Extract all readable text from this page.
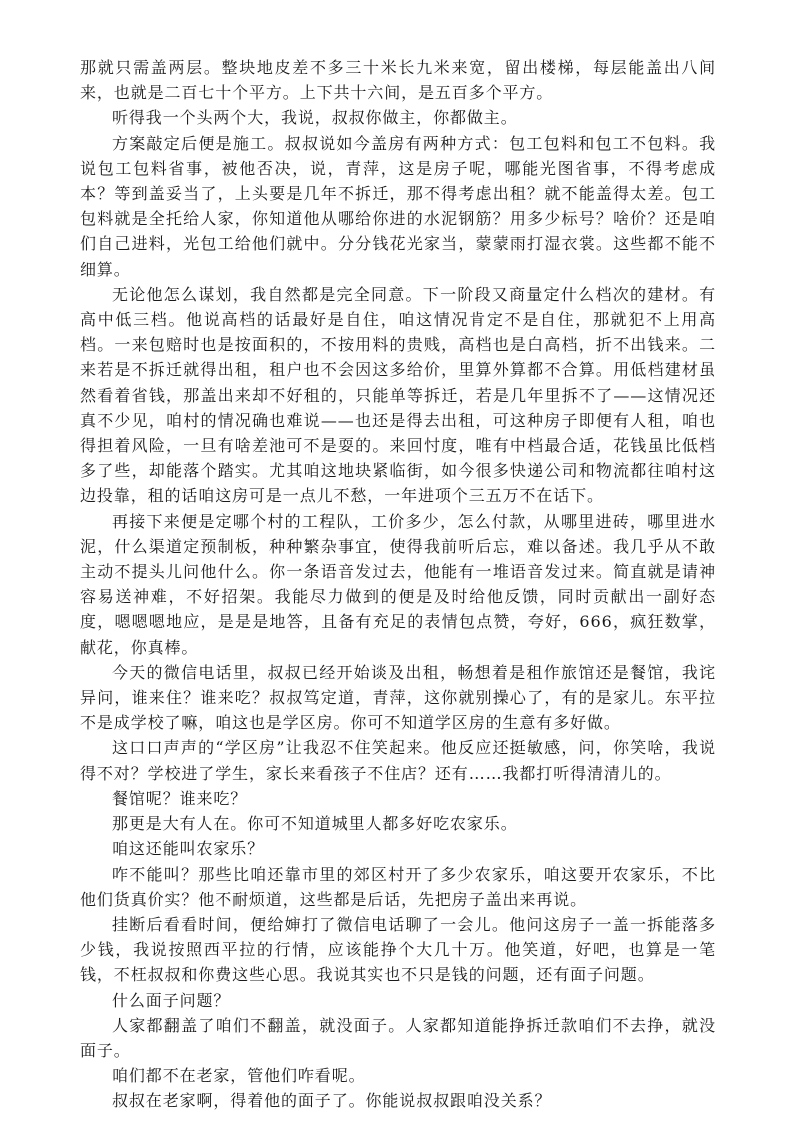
那就只需盖两层。整块地皮差不多三十米长九米来宽，留出楼梯，每层能盖出八间来，也就是二百七十个平方。上下共十六间，是五百多个平方。

听得我一个头两个大，我说，叔叔你做主，你都做主。

方案敲定后便是施工。叔叔说如今盖房有两种方式：包工包料和包工不包料。我说包工包料省事，被他否决，说，青萍，这是房子呢，哪能光图省事，不得考虑成本？等到盖妥当了，上头要是几年不拆迁，那不得考虑出租？就不能盖得太差。包工包料就是全托给人家，你知道他从哪给你进的水泥钢筋？用多少标号？啥价？还是咱们自己进料，光包工给他们就中。分分钱花光家当，蒙蒙雨打湿衣裳。这些都不能不细算。

无论他怎么谋划，我自然都是完全同意。下一阶段又商量定什么档次的建材。有高中低三档。他说高档的话最好是自住，咱这情况肯定不是自住，那就犯不上用高档。一来包赔时也是按面积的，不按用料的贵贱，高档也是白高档，折不出钱来。二来若是不拆迁就得出租，租户也不会因这多给价，里算外算都不合算。用低档建材虽然看着省钱，那盖出来却不好租的，只能单等拆迁，若是几年里拆不了——这情况还真不少见，咱村的情况确也难说——也还是得去出租，可这种房子即便有人租，咱也得担着风险，一旦有啥差池可不是耍的。来回忖度，唯有中档最合适，花钱虽比低档多了些，却能落个踏实。尤其咱这地块紧临街，如今很多快递公司和物流都往咱村这边投靠，租的话咱这房可是一点儿不愁，一年进项个三五万不在话下。

再接下来便是定哪个村的工程队，工价多少，怎么付款，从哪里进砖，哪里进水泥，什么渠道定预制板，种种繁杂事宜，使得我前听后忘，难以备述。我几乎从不敢主动不提头儿问他什么。你一条语音发过去，他能有一堆语音发过来。简直就是请神容易送神难，不好招架。我能尽力做到的便是及时给他反馈，同时贡献出一副好态度，嗯嗯嗯地应，是是是地答，且备有充足的表情包点赞，夸好，666，疯狂数掌，献花，你真棒。

今天的微信电话里，叔叔已经开始谈及出租，畅想着是租作旅馆还是餐馆，我诧异问，谁来住？谁来吃？叔叔笃定道，青萍，这你就别操心了，有的是家儿。东平拉不是成学校了嘛，咱这也是学区房。你可不知道学区房的生意有多好做。

这口口声声的“学区房”让我忍不住笑起来。他反应还挺敏感，问，你笑啥，我说得不对？学校进了学生，家长来看孩子不住店？还有……我都打听得清清儿的。

餐馆呢？谁来吃？

那更是大有人在。你可不知道城里人都多好吃农家乐。

咱这还能叫农家乐？

咋不能叫？那些比咱还靠市里的郊区村开了多少农家乐，咱这要开农家乐，不比他们货真价实？他不耐烦道，这些都是后话，先把房子盖出来再说。

挂断后看看时间，便给婶打了微信电话聊了一会儿。他问这房子一盖一拆能落多少钱，我说按照西平拉的行情，应该能挣个大几十万。他笑道，好吧，也算是一笔钱，不枉叔叔和你费这些心思。我说其实也不只是钱的问题，还有面子问题。

什么面子问题？

人家都翻盖了咱们不翻盖，就没面子。人家都知道能挣拆迁款咱们不去挣，就没面子。

咱们都不在老家，管他们咋看呢。

叔叔在老家啊，得着他的面子了。你能说叔叔跟咱没关系？
